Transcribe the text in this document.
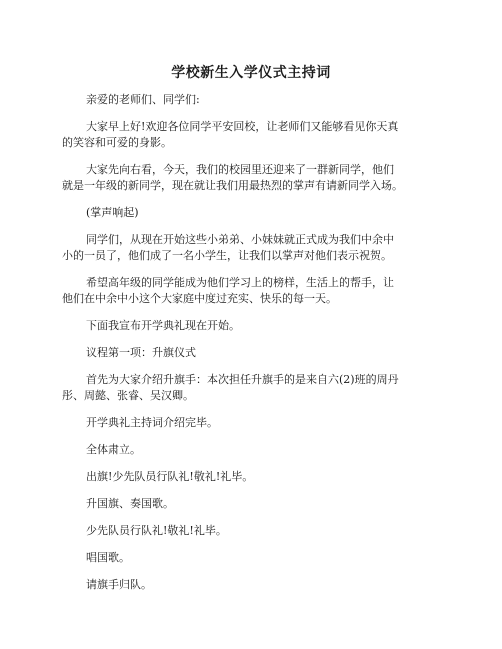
学校新生入学仪式主持词

亲爱的老师们、同学们:

大家早上好!欢迎各位同学平安回校，让老师们又能够看见你天真
的笑容和可爱的身影。

大家先向右看，今天，我们的校园里还迎来了一群新同学，他们
就是一年级的新同学，现在就让我们用最热烈的掌声有请新同学入场。

(掌声响起)

同学们，从现在开始这些小弟弟、小妹妹就正式成为我们中余中
小的一员了，他们成了一名小学生，让我们以掌声对他们表示祝贺。

希望高年级的同学能成为他们学习上的榜样，生活上的帮手，让
他们在中余中小这个大家庭中度过充实、快乐的每一天。

下面我宣布开学典礼现在开始。

议程第一项：升旗仪式

首先为大家介绍升旗手：本次担任升旗手的是来自六(2)班的周丹
彤、周懿、张睿、吴汉卿。

开学典礼主持词介绍完毕。

全体肃立。

出旗!少先队员行队礼!敬礼!礼毕。

升国旗、奏国歌。

少先队员行队礼!敬礼!礼毕。

唱国歌。

请旗手归队。
